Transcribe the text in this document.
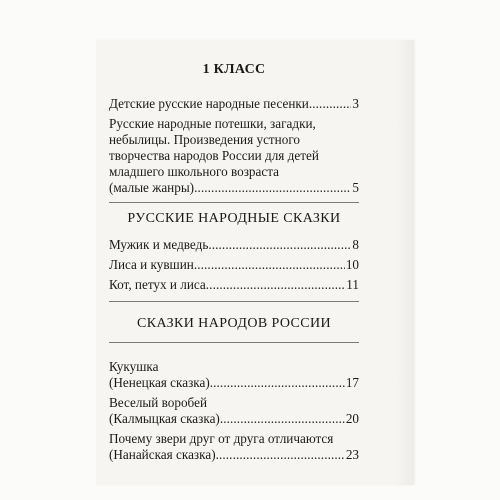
1 КЛАСС
Детские русские народные песенки . . .	3
Русские народные потешки, загадки,
небылицы. Произведения устного
творчества народов России для детей
младшего школьного возраста
(малые жанры) . . .	5
РУССКИЕ НАРОДНЫЕ СКАЗКИ
Мужик и медведь . . .	8
Лиса и кувшин . . .	10
Кот, петух и лиса . . .	11
СКАЗКИ НАРОДОВ РОССИИ
Кукушка
(Ненецкая сказка) . . .	17
Веселый воробей
(Калмыцкая сказка) . . .	20
Почему звери друг от друга отличаются
(Нанайская сказка) . . .	23
